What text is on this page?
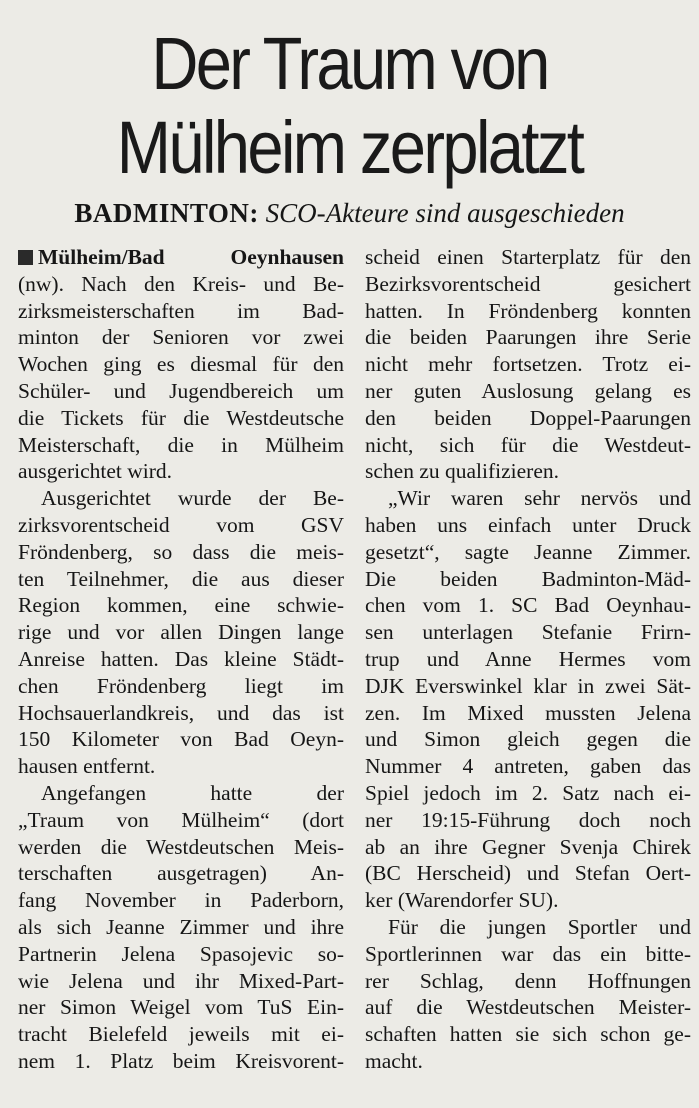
Der Traum von
Mülheim zerplatzt
BADMINTON: SCO-Akteure sind ausgeschieden
Mülheim/Bad Oeynhausen
(nw). Nach den Kreis- und Be-
zirksmeisterschaften im Bad-
minton der Senioren vor zwei
Wochen ging es diesmal für den
Schüler- und Jugendbereich um
die Tickets für die Westdeutsche
Meisterschaft, die in Mülheim
ausgerichtet wird.
Ausgerichtet wurde der Be-
zirksvorentscheid vom GSV
Fröndenberg, so dass die meis-
ten Teilnehmer, die aus dieser
Region kommen, eine schwie-
rige und vor allen Dingen lange
Anreise hatten. Das kleine Städt-
chen Fröndenberg liegt im
Hochsauerlandkreis, und das ist
150 Kilometer von Bad Oeyn-
hausen entfernt.
Angefangen hatte der
„Traum von Mülheim“ (dort
werden die Westdeutschen Meis-
terschaften ausgetragen) An-
fang November in Paderborn,
als sich Jeanne Zimmer und ihre
Partnerin Jelena Spasojevic so-
wie Jelena und ihr Mixed-Part-
ner Simon Weigel vom TuS Ein-
tracht Bielefeld jeweils mit ei-
nem 1. Platz beim Kreisvorent-
scheid einen Starterplatz für den
Bezirksvorentscheid gesichert
hatten. In Fröndenberg konnten
die beiden Paarungen ihre Serie
nicht mehr fortsetzen. Trotz ei-
ner guten Auslosung gelang es
den beiden Doppel-Paarungen
nicht, sich für die Westdeut-
schen zu qualifizieren.
„Wir waren sehr nervös und
haben uns einfach unter Druck
gesetzt“, sagte Jeanne Zimmer.
Die beiden Badminton-Mäd-
chen vom 1. SC Bad Oeynhau-
sen unterlagen Stefanie Frirn-
trup und Anne Hermes vom
DJK Everswinkel klar in zwei Sät-
zen. Im Mixed mussten Jelena
und Simon gleich gegen die
Nummer 4 antreten, gaben das
Spiel jedoch im 2. Satz nach ei-
ner 19:15-Führung doch noch
ab an ihre Gegner Svenja Chirek
(BC Herscheid) und Stefan Oert-
ker (Warendorfer SU).
Für die jungen Sportler und
Sportlerinnen war das ein bitte-
rer Schlag, denn Hoffnungen
auf die Westdeutschen Meister-
schaften hatten sie sich schon ge-
macht.
